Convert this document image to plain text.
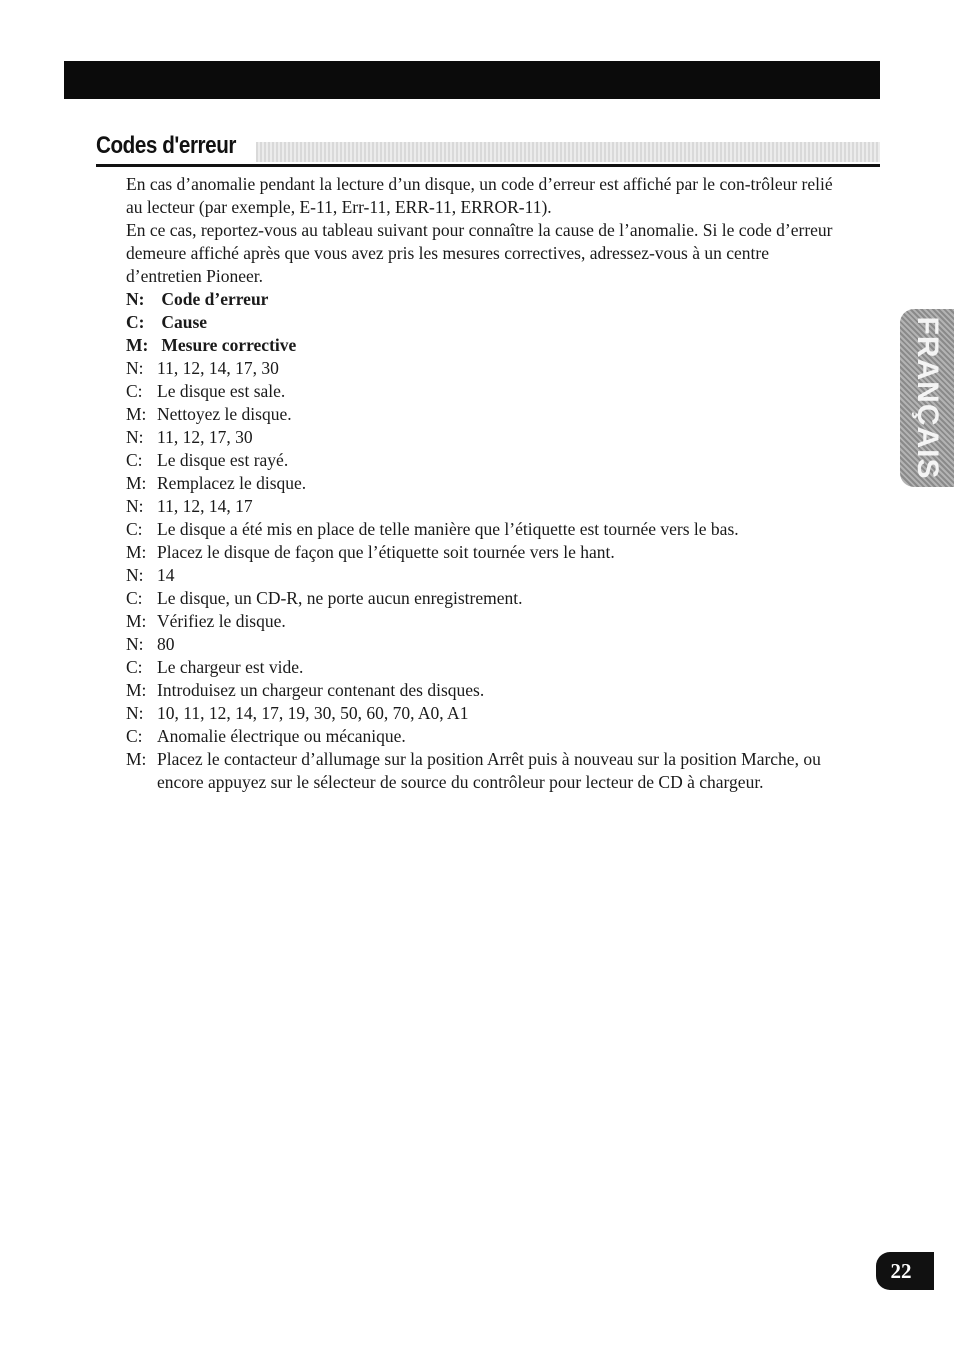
Codes d'erreur

En cas d’anomalie pendant la lecture d’un disque, un code d’erreur est affiché par le con-trôleur relié au lecteur (par exemple, E-11, Err-11, ERR-11, ERROR-11).

En ce cas, reportez-vous au tableau suivant pour connaître la cause de l’anomalie. Si le code d’erreur demeure affiché après que vous avez pris les mesures correctives, adressez-vous à un centre d’entretien Pioneer.

N: Code d’erreur
C: Cause
M: Mesure corrective
N: 11, 12, 14, 17, 30
C: Le disque est sale.
M: Nettoyez le disque.
N: 11, 12, 17, 30
C: Le disque est rayé.
M: Remplacez le disque.
N: 11, 12, 14, 17
C: Le disque a été mis en place de telle manière que l’étiquette est tournée vers le bas.
M: Placez le disque de façon que l’étiquette soit tournée vers le hant.
N: 14
C: Le disque, un CD-R, ne porte aucun enregistrement.
M: Vérifiez le disque.
N: 80
C: Le chargeur est vide.
M: Introduisez un chargeur contenant des disques.
N: 10, 11, 12, 14, 17, 19, 30, 50, 60, 70, A0, A1
C: Anomalie électrique ou mécanique.
M: Placez le contacteur d’allumage sur la position Arrêt puis à nouveau sur la position Marche, ou encore appuyez sur le sélecteur de source du contrôleur pour lecteur de CD à chargeur.
FRANÇAIS
22
